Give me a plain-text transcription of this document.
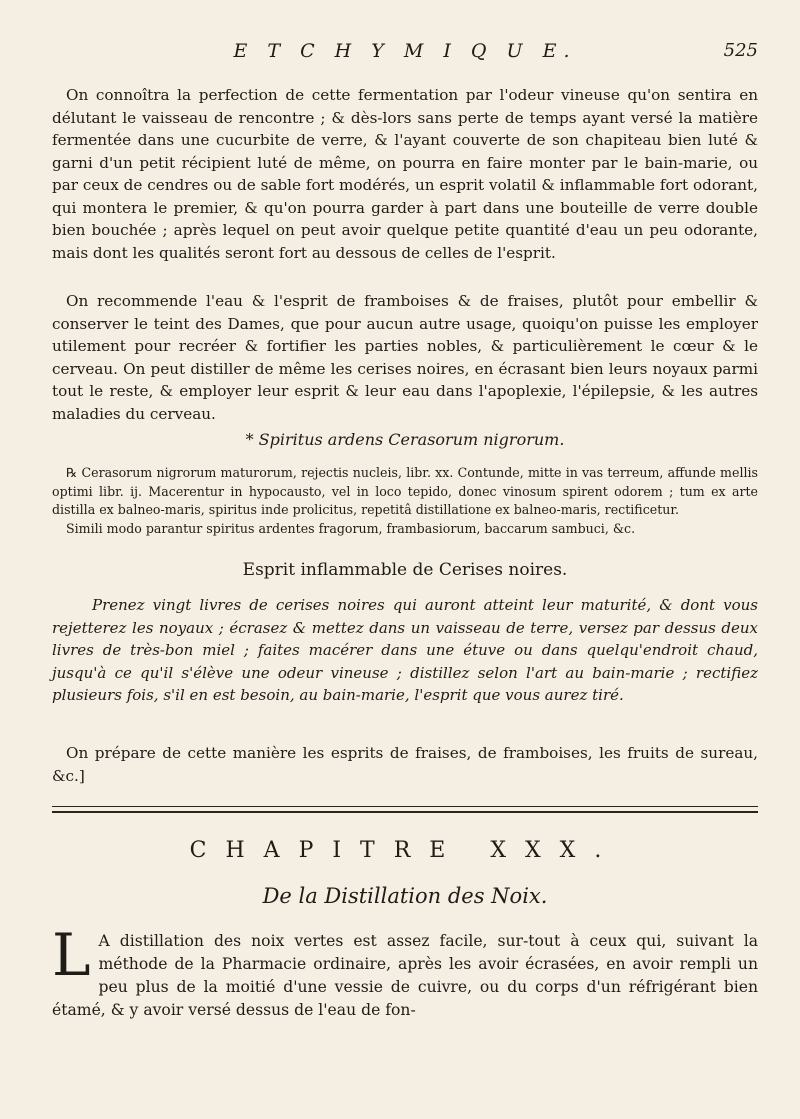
E T C H Y M I Q U E.	525

On connoîtra la perfection de cette fermentation par l'odeur vineuse qu'on sentira en délutant le vaisseau de rencontre ; & dès-lors sans perte de temps ayant versé la matière fermentée dans une cucurbite de verre, & l'ayant couverte de son chapiteau bien luté & garni d'un petit récipient luté de même, on pourra en faire monter par le bain-marie, ou par ceux de cendres ou de sable fort modérés, un esprit volatil & inflammable fort odorant, qui montera le premier, & qu'on pourra garder à part dans une bouteille de verre double bien bouchée ; après lequel on peut avoir quelque petite quantité d'eau un peu odorante, mais dont les qualités seront fort au dessous de celles de l'esprit.

On recommende l'eau & l'esprit de framboises & de fraises, plutôt pour embellir & conserver le teint des Dames, que pour aucun autre usage, quoiqu'on puisse les employer utilement pour recréer & fortifier les parties nobles, & particulièrement le cœur & le cerveau. On peut distiller de même les cerises noires, en écrasant bien leurs noyaux parmi tout le reste, & employer leur esprit & leur eau dans l'apoplexie, l'épilepsie, & les autres maladies du cerveau.

* Spiritus ardens Cerasorum nigrorum.

℞ Cerasorum nigrorum maturorum, rejectis nucleis, libr. xx. Contunde, mitte in vas terreum, affunde mellis optimi libr. ij. Macerentur in hypocausto, vel in loco tepido, donec vinosum spirent odorem ; tum ex arte distilla ex balneo-maris, spiritus inde prolicitus, repetitâ distillatione ex balneo-maris, rectificetur.

Simili modo parantur spiritus ardentes fragorum, frambasiorum, baccarum sambuci, &c.

Esprit inflammable de Cerises noires.

Prenez vingt livres de cerises noires qui auront atteint leur maturité, & dont vous rejetterez les noyaux ; écrasez & mettez dans un vaisseau de terre, versez par dessus deux livres de très-bon miel ; faites macérer dans une étuve ou dans quelqu'endroit chaud, jusqu'à ce qu'il s'élève une odeur vineuse ; distillez selon l'art au bain-marie ; rectifiez plusieurs fois, s'il en est besoin, au bain-marie, l'esprit que vous aurez tiré.

On prépare de cette manière les esprits de fraises, de framboises, les fruits de sureau, &c.]

CHAPITRE XXX.
De la Distillation des Noix.
L A distillation des noix vertes est assez facile, sur-tout à ceux qui, suivant la méthode de la Pharmacie ordinaire, après les avoir écrasées, en avoir rempli un peu plus de la moitié d'une vessie de cuivre, ou du corps d'un réfrigérant bien étamé, & y avoir versé dessus de l'eau de fon-
